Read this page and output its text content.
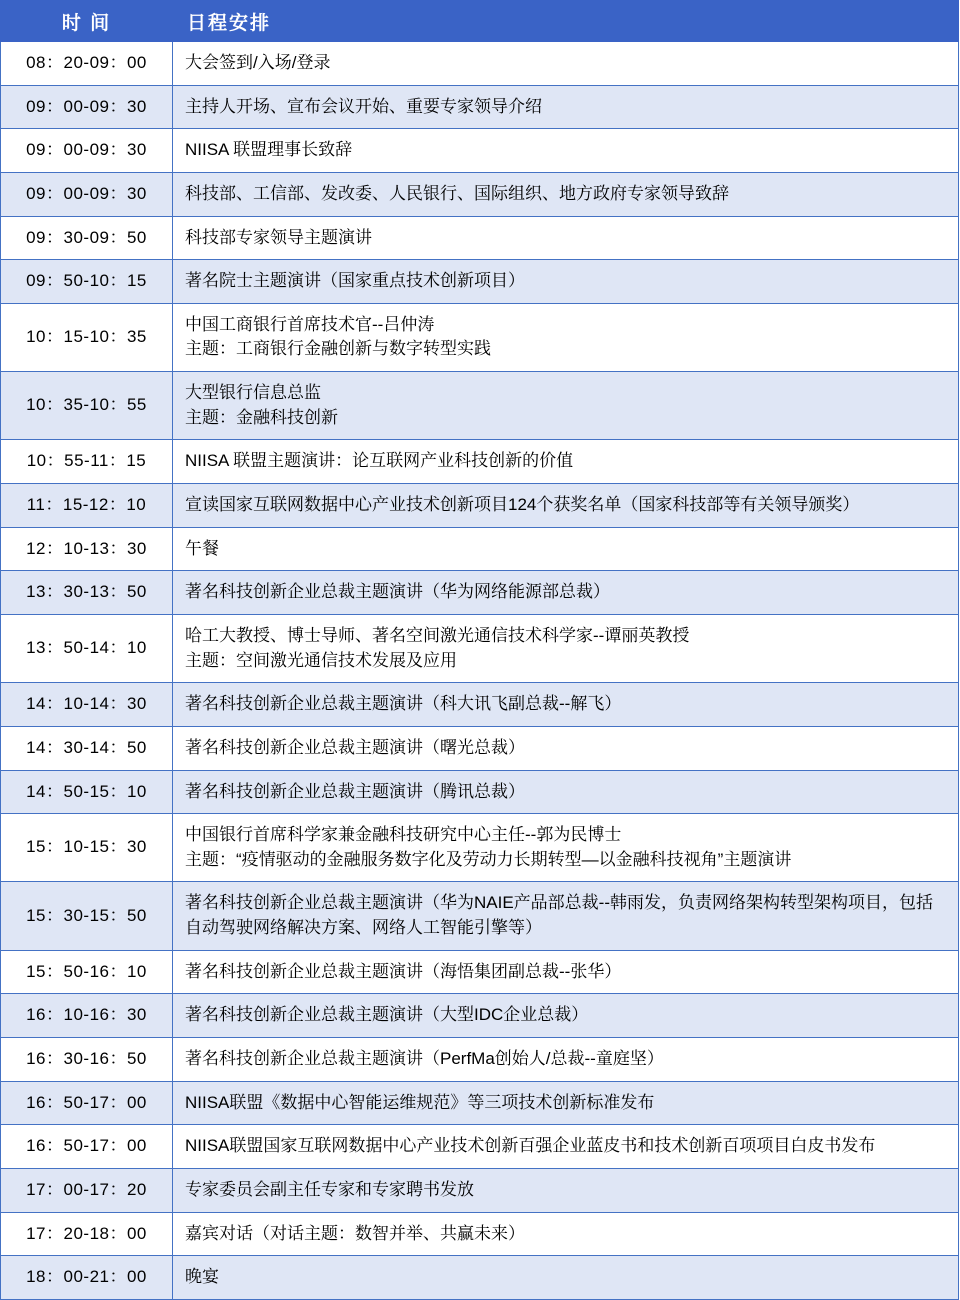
时 间	日程安排
08：20-09：00	大会签到/入场/登录

09：00-09：30	主持人开场、宣布会议开始、重要专家领导介绍

09：00-09：30	NIISA 联盟理事长致辞

09：00-09：30	科技部、工信部、发改委、人民银行、国际组织、地方政府专家领导致辞

09：30-09：50	科技部专家领导主题演讲

09：50-10：15	著名院士主题演讲（国家重点技术创新项目）

10：15-10：35	中国工商银行首席技术官--吕仲涛
主题：工商银行金融创新与数字转型实践

10：35-10：55	大型银行信息总监
主题：金融科技创新

10：55-11：15	NIISA 联盟主题演讲：论互联网产业科技创新的价值

11：15-12：10	宣读国家互联网数据中心产业技术创新项目124个获奖名单（国家科技部等有关领导颁奖）

12：10-13：30	午餐

13：30-13：50	著名科技创新企业总裁主题演讲（华为网络能源部总裁）

13：50-14：10	哈工大教授、博士导师、著名空间激光通信技术科学家--谭丽英教授
主题：空间激光通信技术发展及应用

14：10-14：30	著名科技创新企业总裁主题演讲（科大讯飞副总裁--解飞）

14：30-14：50	著名科技创新企业总裁主题演讲（曙光总裁）

14：50-15：10	著名科技创新企业总裁主题演讲（腾讯总裁）

15：10-15：30	中国银行首席科学家兼金融科技研究中心主任--郭为民博士
主题：“疫情驱动的金融服务数字化及劳动力长期转型—以金融科技视角”主题演讲

15：30-15：50	著名科技创新企业总裁主题演讲（华为NAIE产品部总裁--韩雨发，负责网络架构转型架构项目，包括自动驾驶网络解决方案、网络人工智能引擎等）

15：50-16：10	著名科技创新企业总裁主题演讲（海悟集团副总裁--张华）

16：10-16：30	著名科技创新企业总裁主题演讲（大型IDC企业总裁）

16：30-16：50	著名科技创新企业总裁主题演讲（PerfMa创始人/总裁--童庭坚）

16：50-17：00	NIISA联盟《数据中心智能运维规范》等三项技术创新标准发布

16：50-17：00	NIISA联盟国家互联网数据中心产业技术创新百强企业蓝皮书和技术创新百项项目白皮书发布

17：00-17：20	专家委员会副主任专家和专家聘书发放

17：20-18：00	嘉宾对话（对话主题：数智并举、共赢未来）

18：00-21：00	晚宴
